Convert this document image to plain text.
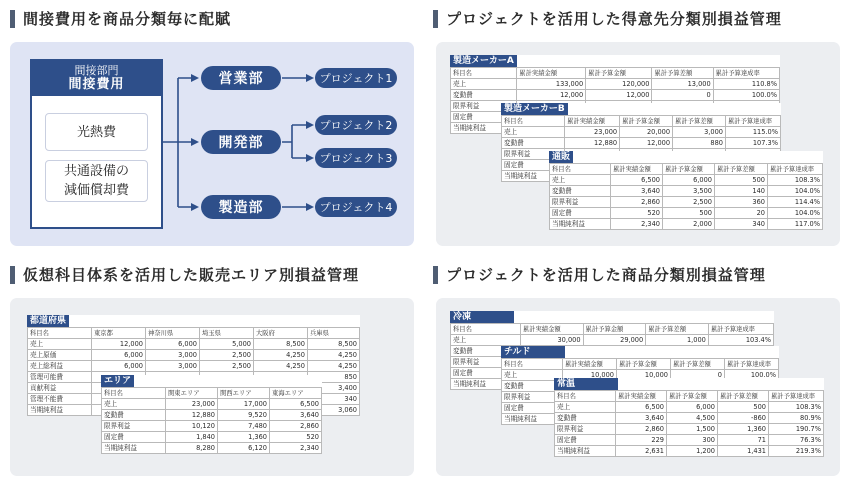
間接費用を商品分類毎に配賦	プロジェクトを活用した得意先分類別損益管理
仮想科目体系を活用した販売エリア別損益管理	プロジェクトを活用した商品分類別損益管理
間接部門
間接費用
光熱費
共通設備の
減価償却費
営業部
開発部
製造部
プロジェクト1
プロジェクト2
プロジェクト3
プロジェクト4
製造メーカーA
科目名	累計実績金額	累計予算金額	累計予算差額	累計予算達成率
売上	133,000	120,000	13,000	110.8%
変動費	12,000	12,000	0	100.0%
限界利益				
固定費				
当期純利益				
製造メーカーB
科目名	累計実績金額	累計予算金額	累計予算差額	累計予算達成率
売上	23,000	20,000	3,000	115.0%
変動費	12,880	12,000	880	107.3%
限界利益				
固定費				
当期純利益				
通販
科目名	累計実績金額	累計予算金額	累計予算差額	累計予算達成率
売上	6,500	6,000	500	108.3%
変動費	3,640	3,500	140	104.0%
限界利益	2,860	2,500	360	114.4%
固定費	520	500	20	104.0%
当期純利益	2,340	2,000	340	117.0%
都道府県
科目名	東京都	神奈川県	埼玉県	大阪府	兵庫県
売上	12,000	6,000	5,000	8,500	8,500
売上原価	6,000	3,000	2,500	4,250	4,250
売上総利益	6,000	3,000	2,500	4,250	4,250
管理可能費					850
貢献利益					3,400
管理不能費					340
当期純利益					3,060
エリア
科目名	関東エリア	関西エリア	東海エリア
売上	23,000	17,000	6,500
変動費	12,880	9,520	3,640
限界利益	10,120	7,480	2,860
固定費	1,840	1,360	520
当期純利益	8,280	6,120	2,340
冷凍
科目名	累計実績金額	累計予算金額	累計予算差額	累計予算達成率
売上	30,000	29,000	1,000	103.4%
変動費				
限界利益				
固定費				
当期純利益				
チルド
科目名	累計実績金額	累計予算金額	累計予算差額	累計予算達成率
売上	10,000	10,000	0	100.0%
変動費				
限界利益				
固定費				
当期純利益				
常温
科目名	累計実績金額	累計予算金額	累計予算差額	累計予算達成率
売上	6,500	6,000	500	108.3%
変動費	3,640	4,500	-860	80.9%
限界利益	2,860	1,500	1,360	190.7%
固定費	229	300	71	76.3%
当期純利益	2,631	1,200	1,431	219.3%
